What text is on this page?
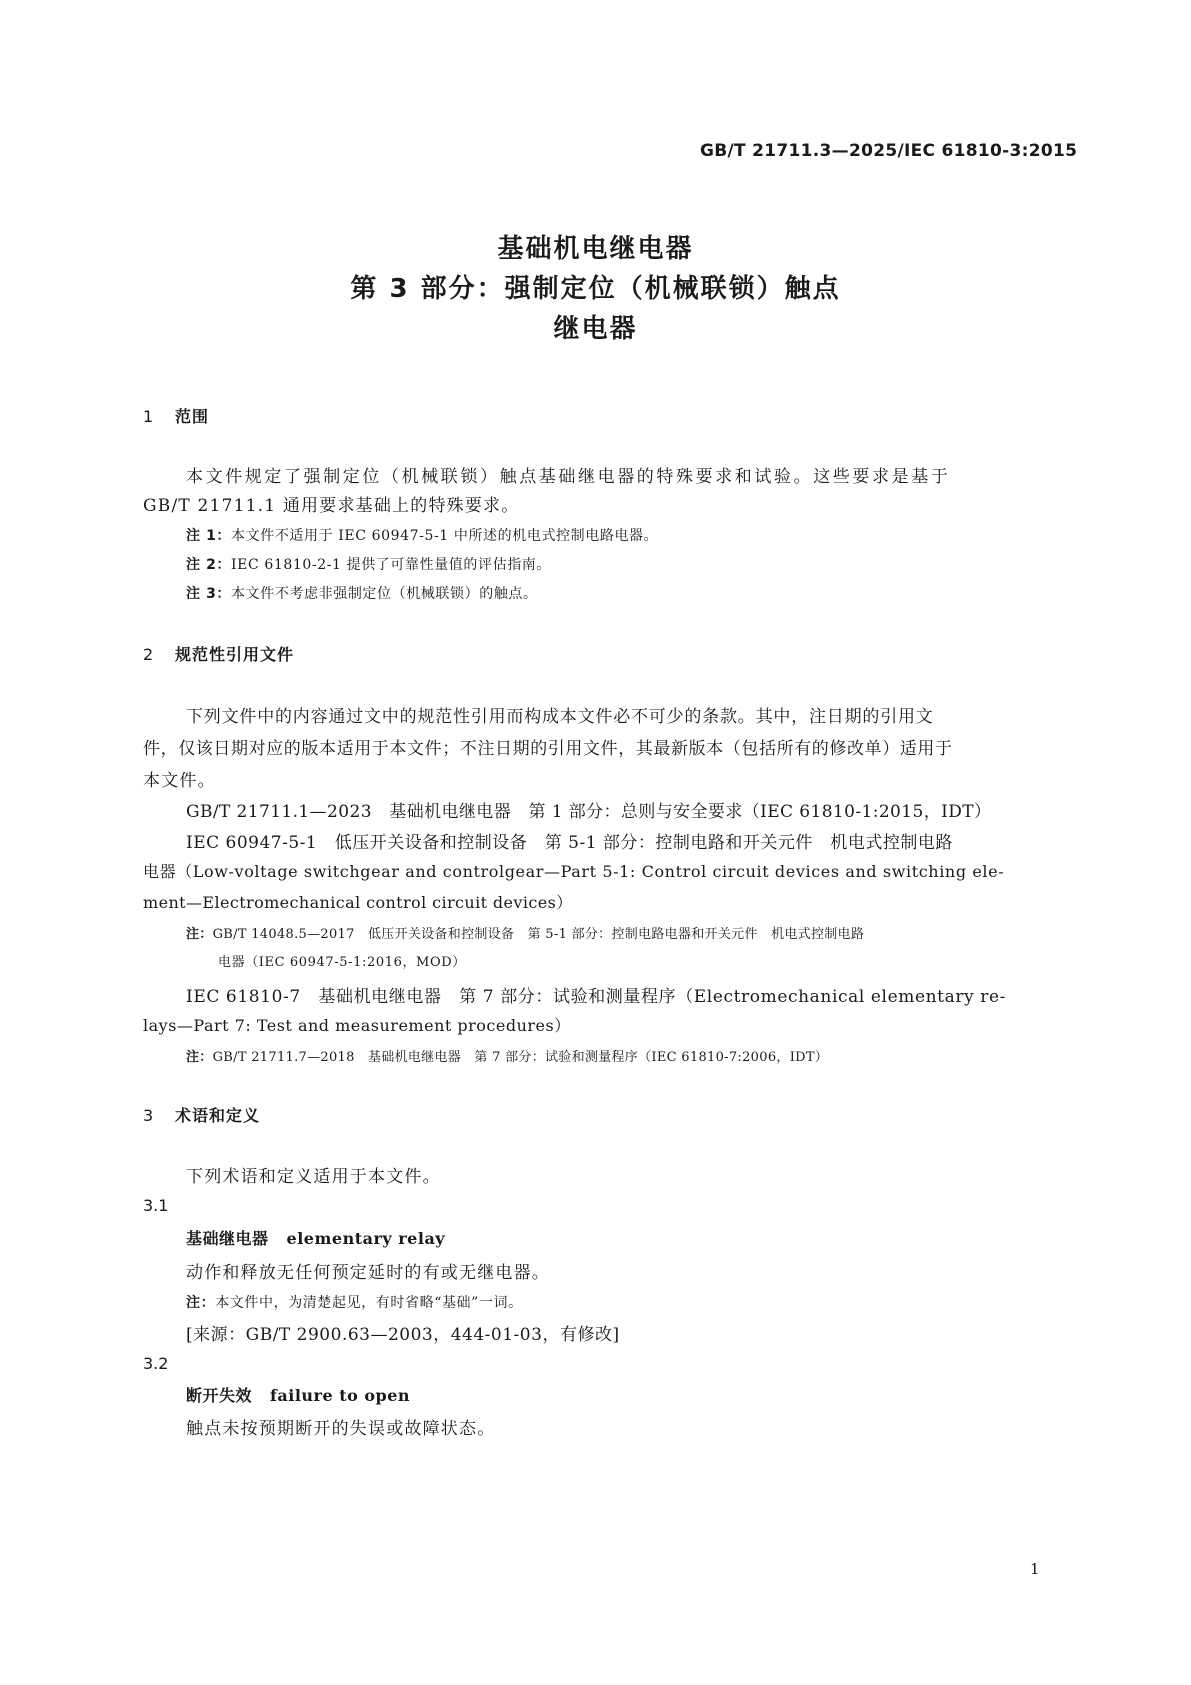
GB/T 21711.3—2025/IEC 61810-3:2015
基础机电继电器
第 3 部分：强制定位（机械联锁）触点
继电器
1 范围
本文件规定了强制定位（机械联锁）触点基础继电器的特殊要求和试验。这些要求是基于
GB/T 21711.1 通用要求基础上的特殊要求。
注 1：本文件不适用于 IEC 60947-5-1 中所述的机电式控制电路电器。
注 2：IEC 61810-2-1 提供了可靠性量值的评估指南。
注 3：本文件不考虑非强制定位（机械联锁）的触点。
2 规范性引用文件
下列文件中的内容通过文中的规范性引用而构成本文件必不可少的条款。其中，注日期的引用文
件，仅该日期对应的版本适用于本文件；不注日期的引用文件，其最新版本（包括所有的修改单）适用于
本文件。
GB/T 21711.1—2023　基础机电继电器　第 1 部分：总则与安全要求（IEC 61810-1:2015，IDT）
IEC 60947-5-1　低压开关设备和控制设备　第 5-1 部分：控制电路和开关元件　机电式控制电路
电器（Low-voltage switchgear and controlgear—Part 5-1: Control circuit devices and switching ele-
ment—Electromechanical control circuit devices）
注：GB/T 14048.5—2017　低压开关设备和控制设备　第 5-1 部分：控制电路电器和开关元件　机电式控制电路
电器（IEC 60947-5-1:2016，MOD）
IEC 61810-7　基础机电继电器　第 7 部分：试验和测量程序（Electromechanical elementary re-
lays—Part 7: Test and measurement procedures）
注：GB/T 21711.7—2018　基础机电继电器　第 7 部分：试验和测量程序（IEC 61810-7:2006，IDT）
3 术语和定义
下列术语和定义适用于本文件。
3.1
基础继电器 elementary relay
动作和释放无任何预定延时的有或无继电器。
注：本文件中，为清楚起见，有时省略“基础”一词。
[来源：GB/T 2900.63—2003，444-01-03，有修改]
3.2
断开失效 failure to open
触点未按预期断开的失误或故障状态。
1
